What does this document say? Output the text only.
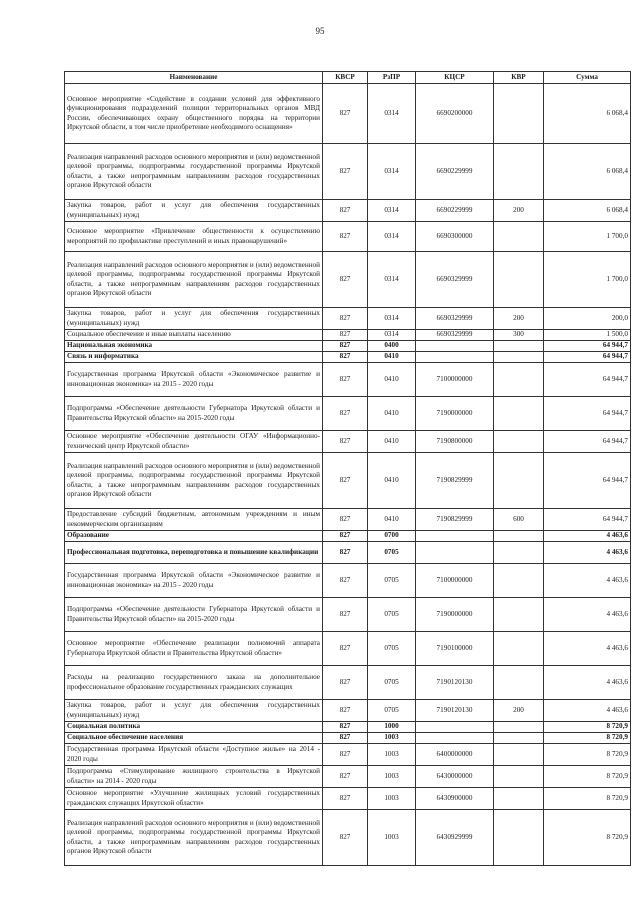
95
Наименование	КВСР	РзПР	КЦСР	КВР	Сумма
Основное мероприятие «Содействие в создании условий для эффективного функционирования подразделений полиции территориальных органов МВД России, обеспечивающих охрану общественного порядка на территории Иркутской области, в том числе приобретение необходимого оснащения»	827	0314	6690200000		6 068,4
Реализация направлений расходов основного мероприятия и (или) ведомственной целевой программы, подпрограммы государственной программы Иркутской области, а также непрограммным направлениям расходов государственных органов Иркутской области	827	0314	6690229999		6 068,4
Закупка товаров, работ и услуг для обеспечения государственных (муниципальных) нужд	827	0314	6690229999	200	6 068,4
Основное мероприятие «Привлечение общественности к осуществлению мероприятий по профилактике преступлений и иных правонарушений»	827	0314	6690300000		1 700,0
Реализация направлений расходов основного мероприятия и (или) ведомственной целевой программы, подпрограммы государственной программы Иркутской области, а также непрограммным направлениям расходов государственных органов Иркутской области	827	0314	6690329999		1 700,0
Закупка товаров, работ и услуг для обеспечения государственных (муниципальных) нужд	827	0314	6690329999	200	200,0
Социальное обеспечение и иные выплаты населению	827	0314	6690329999	300	1 500,0
Национальная экономика	827	0400			64 944,7
Связь и информатика	827	0410			64 944,7
Государственная программа Иркутской области «Экономическое развитие и инновационная экономика» на 2015 - 2020 годы	827	0410	7100000000		64 944,7
Подпрограмма «Обеспечение деятельности Губернатора Иркутской области и Правительства Иркутской области» на 2015-2020 годы	827	0410	7190000000		64 944,7
Основное мероприятие «Обеспечение деятельности ОГАУ «Информационно-технический центр Иркутской области»	827	0410	7190800000		64 944,7
Реализация направлений расходов основного мероприятия и (или) ведомственной целевой программы, подпрограммы государственной программы Иркутской области, а также непрограммным направлениям расходов государственных органов Иркутской области	827	0410	7190829999		64 944,7
Предоставление субсидий бюджетным, автономным учреждениям и иным некоммерческим организациям	827	0410	7190829999	600	64 944,7
Образование	827	0700			4 463,6
Профессиональная подготовка, переподготовка и повышение квалификации	827	0705			4 463,6
Государственная программа Иркутской области «Экономическое развитие и инновационная экономика» на 2015 - 2020 годы	827	0705	7100000000		4 463,6
Подпрограмма «Обеспечение деятельности Губернатора Иркутской области и Правительства Иркутской области» на 2015-2020 годы	827	0705	7190000000		4 463,6
Основное мероприятие «Обеспечение реализации полномочий аппарата Губернатора Иркутской области и Правительства Иркутской области»	827	0705	7190100000		4 463,6
Расходы на реализацию государственного заказа на дополнительное профессиональное образование государственных гражданских служащих	827	0705	7190120130		4 463,6
Закупка товаров, работ и услуг для обеспечения государственных (муниципальных) нужд	827	0705	7190120130	200	4 463,6
Социальная политика	827	1000			8 720,9
Социальное обеспечение населения	827	1003			8 720,9
Государственная программа Иркутской области «Доступное жилье» на 2014 - 2020 годы	827	1003	6400000000		8 720,9
Подпрограмма «Стимулирование жилищного строительства в Иркутской области» на 2014 - 2020 годы	827	1003	6430000000		8 720,9
Основное мероприятие «Улучшение жилищных условий государственных гражданских служащих Иркутской области»	827	1003	6430900000		8 720,9
Реализация направлений расходов основного мероприятия и (или) ведомственной целевой программы, подпрограммы государственной программы Иркутской области, а также непрограммным направлениям расходов государственных органов Иркутской области	827	1003	6430929999		8 720,9
